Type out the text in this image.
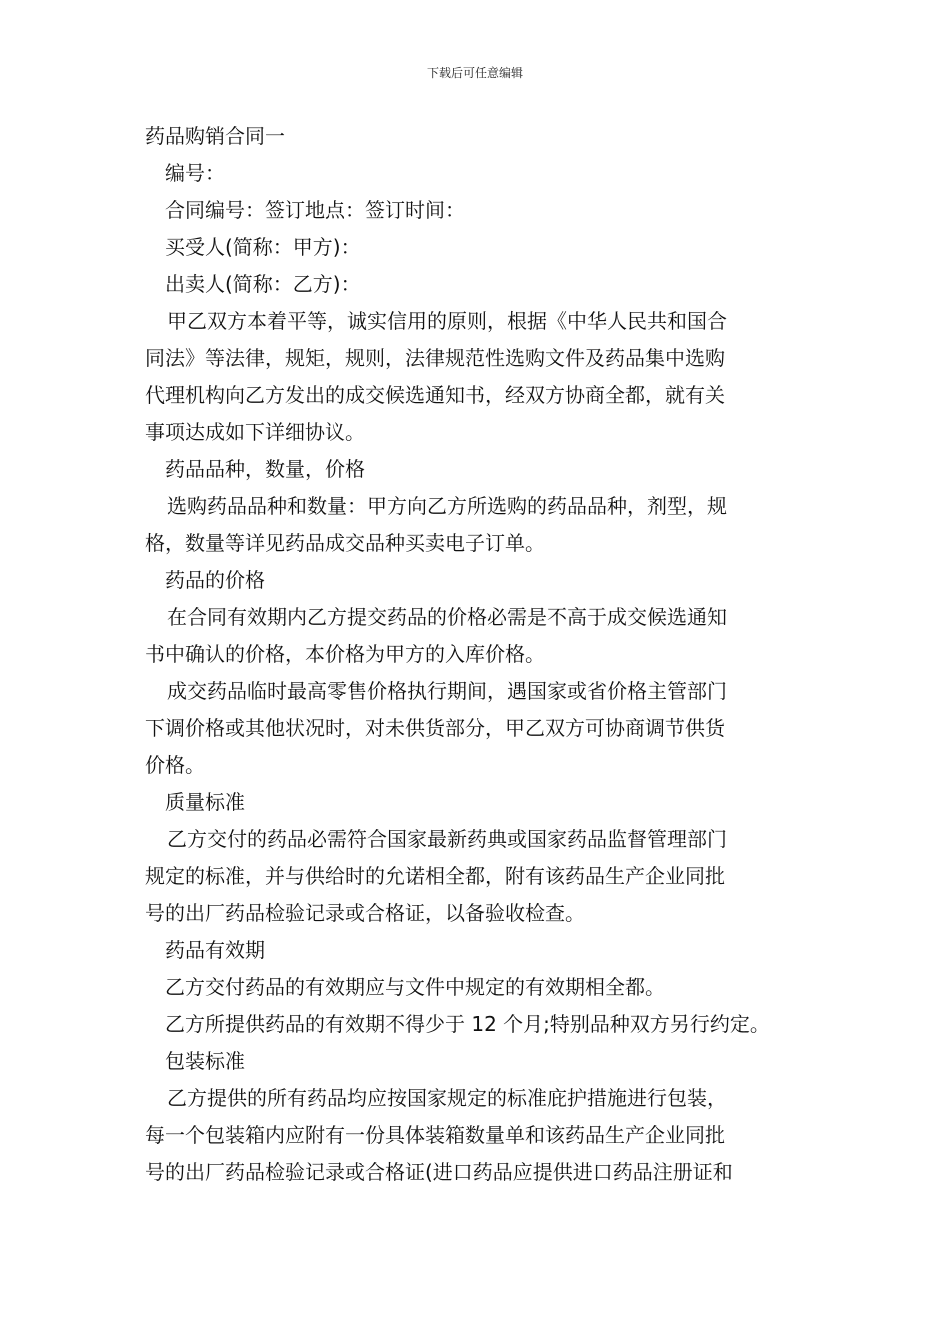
下载后可任意编辑
药品购销合同一
编号：
合同编号：签订地点：签订时间：
买受人(简称：甲方)：
出卖人(简称：乙方)：
甲乙双方本着平等，诚实信用的原则，根据《中华人民共和国合
同法》等法律，规矩，规则，法律规范性选购文件及药品集中选购
代理机构向乙方发出的成交候选通知书，经双方协商全都，就有关
事项达成如下详细协议。
药品品种，数量，价格
选购药品品种和数量：甲方向乙方所选购的药品品种，剂型，规
格，数量等详见药品成交品种买卖电子订单。
药品的价格
在合同有效期内乙方提交药品的价格必需是不高于成交候选通知
书中确认的价格，本价格为甲方的入库价格。
成交药品临时最高零售价格执行期间，遇国家或省价格主管部门
下调价格或其他状况时，对未供货部分，甲乙双方可协商调节供货
价格。
质量标准
乙方交付的药品必需符合国家最新药典或国家药品监督管理部门
规定的标准，并与供给时的允诺相全都，附有该药品生产企业同批
号的出厂药品检验记录或合格证，以备验收检查。
药品有效期
乙方交付药品的有效期应与文件中规定的有效期相全都。
乙方所提供药品的有效期不得少于 12 个月;特别品种双方另行约定。
包装标准
乙方提供的所有药品均应按国家规定的标准庇护措施进行包装，
每一个包装箱内应附有一份具体装箱数量单和该药品生产企业同批
号的出厂药品检验记录或合格证(进口药品应提供进口药品注册证和
